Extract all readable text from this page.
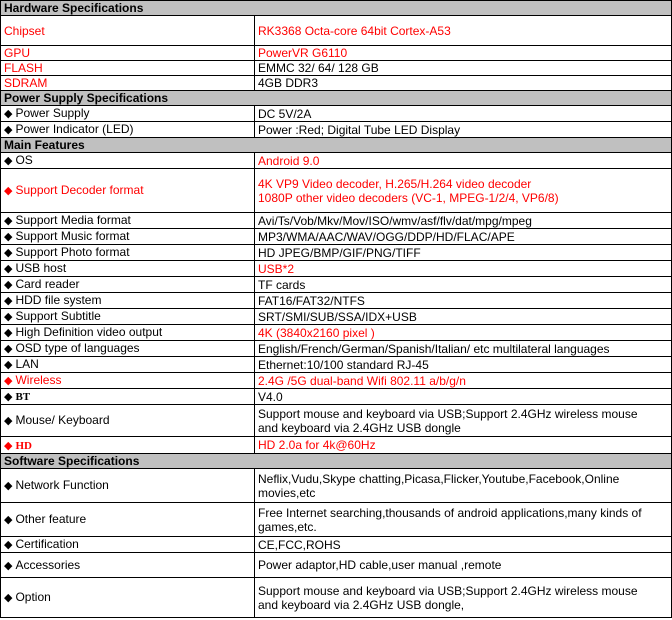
Hardware Specifications	
Chipset	RK3368 Octa-core 64bit Cortex-A53
GPU	PowerVR G6110
FLASH	EMMC 32/ 64/ 128 GB
SDRAM	4GB DDR3
Power Supply Specifications	
◆ Power Supply	DC 5V/2A
◆ Power Indicator (LED)	Power :Red; Digital Tube LED Display
Main Features	
◆ OS	Android 9.0
◆ Support Decoder format	4K VP9 Video decoder, H.265/H.264 video decoder
1080P other video decoders (VC-1, MPEG-1/2/4, VP6/8)

◆ Support Media format	Avi/Ts/Vob/Mkv/Mov/ISO/wmv/asf/flv/dat/mpg/mpeg
◆ Support Music format	MP3/WMA/AAC/WAV/OGG/DDP/HD/FLAC/APE
◆ Support Photo format	HD JPEG/BMP/GIF/PNG/TIFF
◆ USB host	USB*2
◆ Card reader	TF cards
◆ HDD file system	FAT16/FAT32/NTFS
◆ Support Subtitle	SRT/SMI/SUB/SSA/IDX+USB
◆ High Definition video output	4K (3840x2160 pixel )
◆ OSD type of languages	English/French/German/Spanish/Italian/ etc multilateral languages
◆ LAN	Ethernet:10/100 standard RJ-45
◆ Wireless	2.4G /5G dual-band Wifi 802.11 a/b/g/n
◆ BT	V4.0
◆ Mouse/ Keyboard	Support mouse and keyboard via USB;Support 2.4GHz wireless mouse
and keyboard via 2.4GHz USB dongle

◆ HD	HD 2.0a for 4k@60Hz
Software Specifications	
◆ Network Function	Neflix,Vudu,Skype chatting,Picasa,Flicker,Youtube,Facebook,Online
movies,etc

◆ Other feature	Free Internet searching,thousands of android applications,many kinds of
games,etc.

◆ Certification	CE,FCC,ROHS
◆ Accessories	Power adaptor,HD cable,user manual ,remote
◆ Option	Support mouse and keyboard via USB;Support 2.4GHz wireless mouse
and keyboard via 2.4GHz USB dongle,
